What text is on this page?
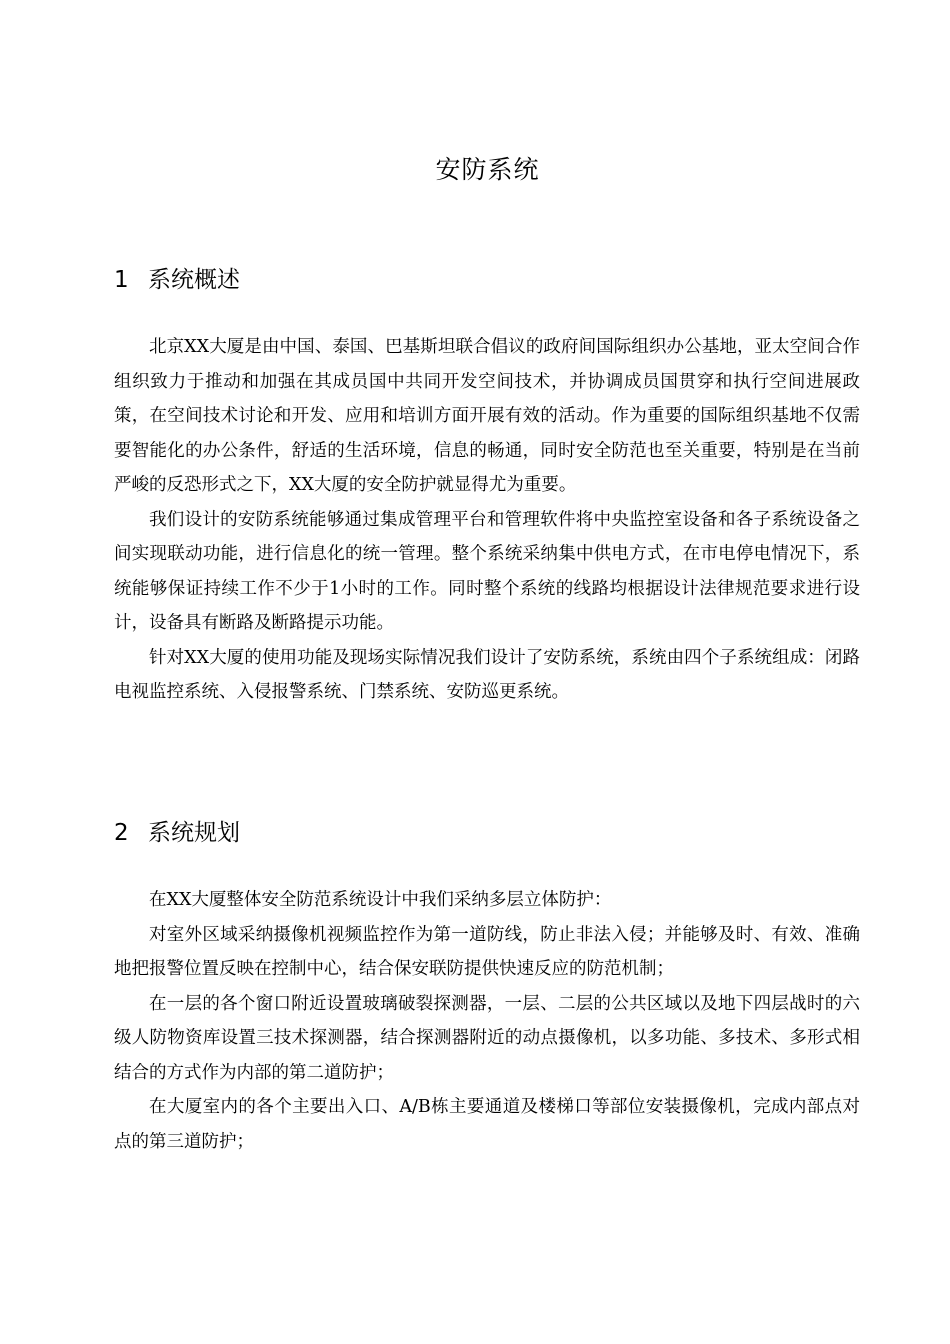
安防系统
1 系统概述

北京XX大厦是由中国、泰国、巴基斯坦联合倡议的政府间国际组织办公基地，亚太空间合作组织致力于推动和加强在其成员国中共同开发空间技术，并协调成员国贯穿和执行空间进展政策，在空间技术讨论和开发、应用和培训方面开展有效的活动。作为重要的国际组织基地不仅需要智能化的办公条件，舒适的生活环境，信息的畅通，同时安全防范也至关重要，特别是在当前严峻的反恐形式之下，XX大厦的安全防护就显得尤为重要。

我们设计的安防系统能够通过集成管理平台和管理软件将中央监控室设备和各子系统设备之间实现联动功能，进行信息化的统一管理。整个系统采纳集中供电方式，在市电停电情况下，系统能够保证持续工作不少于1小时的工作。同时整个系统的线路均根据设计法律规范要求进行设计，设备具有断路及断路提示功能。

针对XX大厦的使用功能及现场实际情况我们设计了安防系统，系统由四个子系统组成：闭路电视监控系统、入侵报警系统、门禁系统、安防巡更系统。

2 系统规划

在XX大厦整体安全防范系统设计中我们采纳多层立体防护：

对室外区域采纳摄像机视频监控作为第一道防线，防止非法入侵；并能够及时、有效、准确地把报警位置反映在控制中心，结合保安联防提供快速反应的防范机制；

在一层的各个窗口附近设置玻璃破裂探测器，一层、二层的公共区域以及地下四层战时的六级人防物资库设置三技术探测器，结合探测器附近的动点摄像机，以多功能、多技术、多形式相结合的方式作为内部的第二道防护；

在大厦室内的各个主要出入口、A/B栋主要通道及楼梯口等部位安装摄像机，完成内部点对点的第三道防护；
